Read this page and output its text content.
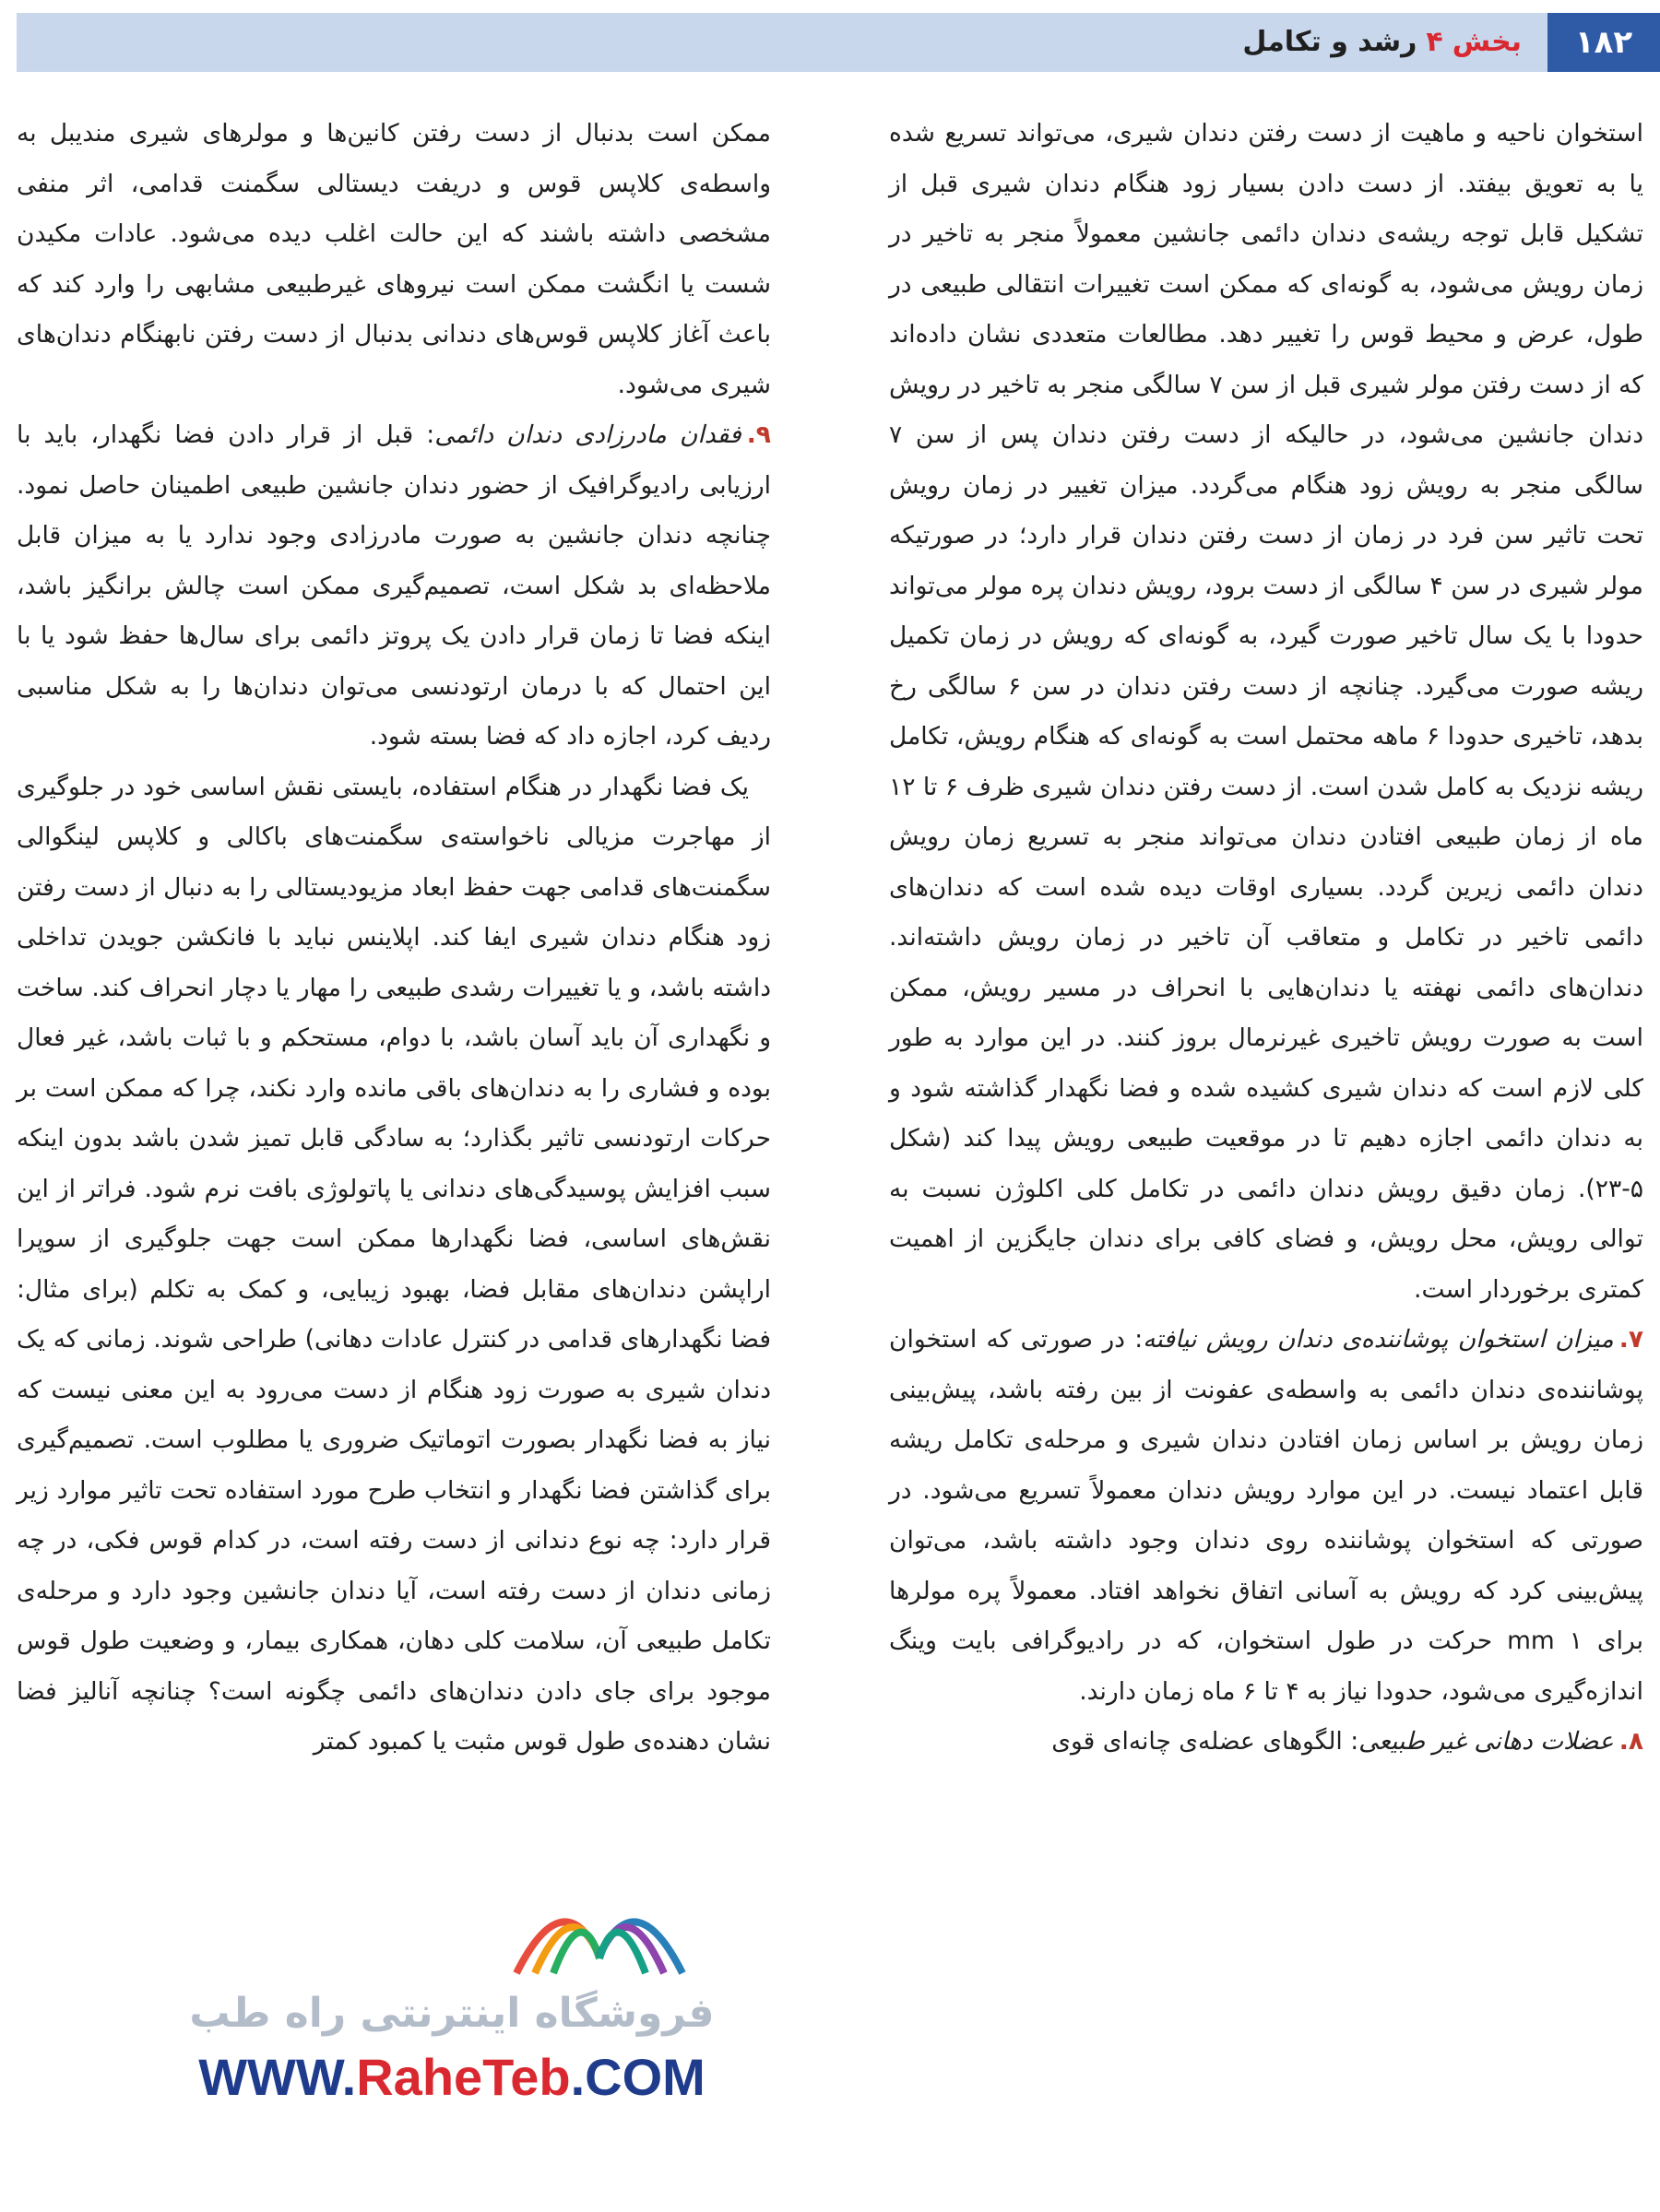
۱۸۲
بخش۴رشد و تکامل

استخوان ناحیه و ماهیت از دست رفتن دندان شیری، می‌تواند تسریع شده یا به تعویق بیفتد. از دست دادن بسیار زود هنگام دندان شیری قبل از تشکیل قابل توجه ریشه‌ی دندان دائمی جانشین معمولاً منجر به تاخیر در زمان رویش می‌شود، به گونه‌ای که ممکن است تغییرات انتقالی طبیعی در طول، عرض و محیط قوس را تغییر دهد. مطالعات متعددی نشان داده‌اند که از دست رفتن مولر شیری قبل از سن ۷ سالگی منجر به تاخیر در رویش دندان جانشین می‌شود، در حالیکه از دست رفتن دندان پس از سن ۷ سالگی منجر به رویش زود هنگام می‌گردد. میزان تغییر در زمان رویش تحت تاثیر سن فرد در زمان از دست رفتن دندان قرار دارد؛ در صورتیکه مولر شیری در سن ۴ سالگی از دست برود، رویش دندان پره مولر می‌تواند حدودا با یک سال تاخیر صورت گیرد، به گونه‌ای که رویش در زمان تکمیل ریشه صورت می‌گیرد. چنانچه از دست رفتن دندان در سن ۶ سالگی رخ بدهد، تاخیری حدودا ۶ ماهه محتمل است به گونه‌ای که هنگام رویش، تکامل ریشه نزدیک به کامل شدن است. از دست رفتن دندان شیری ظرف ۶ تا ۱۲ ماه از زمان طبیعی افتادن دندان می‌تواند منجر به تسریع زمان رویش دندان دائمی زیرین گردد. بسیاری اوقات دیده شده است که دندان‌های دائمی تاخیر در تکامل و متعاقب آن تاخیر در زمان رویش داشته‌اند. دندان‌های دائمی نهفته یا دندان‌هایی با انحراف در مسیر رویش، ممکن است به صورت رویش تاخیری غیرنرمال بروز کنند. در این موارد به طور کلی لازم است که دندان شیری کشیده شده و فضا نگهدار گذاشته شود و به دندان دائمی اجازه دهیم تا در موقعیت طبیعی رویش پیدا کند (شکل ۵-۲۳). زمان دقیق رویش دندان دائمی در تکامل کلی اکلوژن نسبت به توالی رویش، محل رویش، و فضای کافی برای دندان جایگزین از اهمیت کمتری برخوردار است.

۷.میزان استخوان پوشاننده‌ی دندان رویش نیافته: در صورتی که استخوان پوشاننده‌ی دندان دائمی به واسطه‌ی عفونت از بین رفته باشد، پیش‌بینی زمان رویش بر اساس زمان افتادن دندان شیری و مرحله‌ی تکامل ریشه قابل اعتماد نیست. در این موارد رویش دندان معمولاً تسریع می‌شود. در صورتی که استخوان پوشاننده روی دندان وجود داشته باشد، می‌توان پیش‌بینی کرد که رویش به آسانی اتفاق نخواهد افتاد. معمولاً پره مولرها برای ۱ mm حرکت در طول استخوان، که در رادیوگرافی بایت وینگ اندازه‌گیری می‌شود، حدودا نیاز به ۴ تا ۶ ماه زمان دارند.

۸.عضلات دهانی غیر طبیعی: الگوهای عضله‌ی چانه‌ای قوی

ممکن است بدنبال از دست رفتن کانین‌ها و مولرهای شیری مندیبل به واسطه‌ی کلاپس قوس و دریفت دیستالی سگمنت قدامی، اثر منفی مشخصی داشته باشند که این حالت اغلب دیده می‌شود. عادات مکیدن شست یا انگشت ممکن است نیروهای غیرطبیعی مشابهی را وارد کند که باعث آغاز کلاپس قوس‌های دندانی بدنبال از دست رفتن نابهنگام دندان‌های شیری می‌شود.

۹.فقدان مادرزادی دندان دائمی: قبل از قرار دادن فضا نگهدار، باید با ارزیابی رادیوگرافیک از حضور دندان جانشین طبیعی اطمینان حاصل نمود. چنانچه دندان جانشین به صورت مادرزادی وجود ندارد یا به میزان قابل ملاحظه‌ای بد شکل است، تصمیم‌گیری ممکن است چالش برانگیز باشد، اینکه فضا تا زمان قرار دادن یک پروتز دائمی برای سال‌ها حفظ شود یا با این احتمال که با درمان ارتودنسی می‌توان دندان‌ها را به شکل مناسبی ردیف کرد، اجازه داد که فضا بسته شود.

یک فضا نگهدار در هنگام استفاده، بایستی نقش اساسی خود در جلوگیری از مهاجرت مزیالی ناخواسته‌ی سگمنت‌های باکالی و کلاپس لینگوالی سگمنت‌های قدامی جهت حفظ ابعاد مزیودیستالی را به دنبال از دست رفتن زود هنگام دندان شیری ایفا کند. اپلاینس نباید با فانکشن جویدن تداخلی داشته باشد، و یا تغییرات رشدی طبیعی را مهار یا دچار انحراف کند. ساخت و نگهداری آن باید آسان باشد، با دوام، مستحکم و با ثبات باشد، غیر فعال بوده و فشاری را به دندان‌های باقی مانده وارد نکند، چرا که ممکن است بر حرکات ارتودنسی تاثیر بگذارد؛ به سادگی قابل تمیز شدن باشد بدون اینکه سبب افزایش پوسیدگی‌های دندانی یا پاتولوژی بافت نرم شود. فراتر از این نقش‌های اساسی، فضا نگهدارها ممکن است جهت جلوگیری از سوپرا اراپشن دندان‌های مقابل فضا، بهبود زیبایی، و کمک به تکلم (برای مثال: فضا نگهدارهای قدامی در کنترل عادات دهانی) طراحی شوند. زمانی که یک دندان شیری به صورت زود هنگام از دست می‌رود به این معنی نیست که نیاز به فضا نگهدار بصورت اتوماتیک ضروری یا مطلوب است. تصمیم‌گیری برای گذاشتن فضا نگهدار و انتخاب طرح مورد استفاده تحت تاثیر موارد زیر قرار دارد: چه نوع دندانی از دست رفته است، در کدام قوس فکی، در چه زمانی دندان از دست رفته است، آیا دندان جانشین وجود دارد و مرحله‌ی تکامل طبیعی آن، سلامت کلی دهان، همکاری بیمار، و وضعیت طول قوس موجود برای جای دادن دندان‌های دائمی چگونه است؟ چنانچه آنالیز فضا نشان دهنده‌ی طول قوس مثبت یا کمبود کمتر

فروشگاه اینترنتی راه طب
WWW.RaheTeb.COM
